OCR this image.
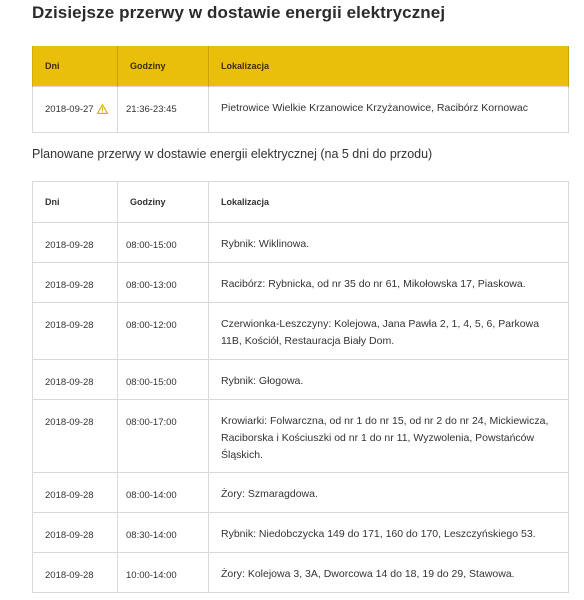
Dzisiejsze przerwy w dostawie energii elektrycznej
Dni	Godziny	Lokalizacja
2018-09-27	21:36-23:45	Pietrowice Wielkie Krzanowice Krzyżanowice, Racibórz Kornowac

Planowane przerwy w dostawie energii elektrycznej (na 5 dni do przodu)

Dni	Godziny	Lokalizacja
2018-09-28	08:00-15:00	Rybnik: Wiklinowa.
2018-09-28	08:00-13:00	Racibórz: Rybnicka, od nr 35 do nr 61, Mikołowska 17, Piaskowa.
2018-09-28	08:00-12:00	Czerwionka-Leszczyny: Kolejowa, Jana Pawła 2, 1, 4, 5, 6, Parkowa 11B, Kościół, Restauracja Biały Dom.
2018-09-28	08:00-15:00	Rybnik: Głogowa.
2018-09-28	08:00-17:00	Krowiarki: Folwarczna, od nr 1 do nr 15, od nr 2 do nr 24, Mickiewicza, Raciborska i Kościuszki od nr 1 do nr 11, Wyzwolenia, Powstańców Śląskich.
2018-09-28	08:00-14:00	Żory: Szmaragdowa.
2018-09-28	08:30-14:00	Rybnik: Niedobczycka 149 do 171, 160 do 170, Leszczyńskiego 53.
2018-09-28	10:00-14:00	Żory: Kolejowa 3, 3A, Dworcowa 14 do 18, 19 do 29, Stawowa.
